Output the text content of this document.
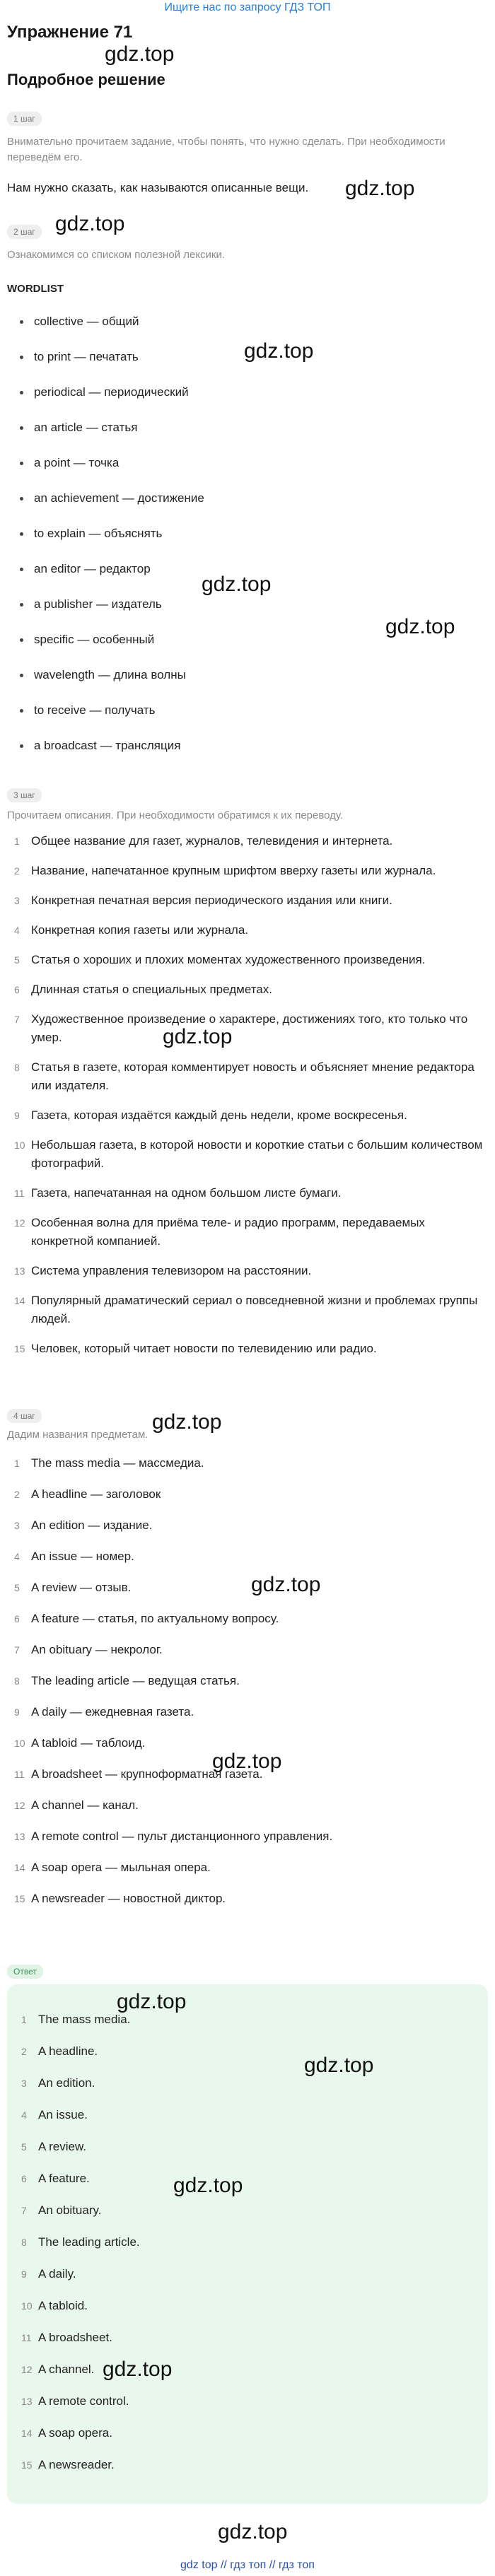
Ищите нас по запросу ГДЗ ТОП
Упражнение 71
Подробное решение
1 шаг

Внимательно прочитаем задание, чтобы понять, что нужно сделать. При необходимости переведём его.

Нам нужно сказать, как называются описанные вещи.

2 шаг

Ознакомимся со списком полезной лексики.

WORDLIST

collective — общий
to print — печатать
periodical — периодический
an article — статья
a point — точка
an achievement — достижение
to explain — объяснять
an editor — редактор
a publisher — издатель
specific — особенный
wavelength — длина волны
to receive — получать
a broadcast — трансляция
3 шаг

Прочитаем описания. При необходимости обратимся к их переводу.

1 Общее название для газет, журналов, телевидения и интернета.
2 Название, напечатанное крупным шрифтом вверху газеты или журнала.
3 Конкретная печатная версия периодического издания или книги.
4 Конкретная копия газеты или журнала.
5 Статья о хороших и плохих моментах художественного произведения.
6 Длинная статья о специальных предметах.
7 Художественное произведение о характере, достижениях того, кто только что умер.
8 Статья в газете, которая комментирует новость и объясняет мнение редактора или издателя.
9 Газета, которая издаётся каждый день недели, кроме воскресенья.
10 Небольшая газета, в которой новости и короткие статьи с большим количеством фотографий.
11 Газета, напечатанная на одном большом листе бумаги.
12 Особенная волна для приёма теле- и радио программ, передаваемых конкретной компанией.
13 Система управления телевизором на расстоянии.
14 Популярный драматический сериал о повседневной жизни и проблемах группы людей.
15 Человек, который читает новости по телевидению или радио.
4 шаг

Дадим названия предметам.

1 The mass media — массмедиа.
2 A headline — заголовок
3 An edition — издание.
4 An issue — номер.
5 A review — отзыв.
6 A feature — статья, по актуальному вопросу.
7 An obituary — некролог.
8 The leading article — ведущая статья.
9 A daily — ежедневная газета.
10 A tabloid — таблоид.
11 A broadsheet — крупноформатная газета.
12 A channel — канал.
13 A remote control — пульт дистанционного управления.
14 A soap opera — мыльная опера.
15 A newsreader — новостной диктор.
Ответ
1 The mass media.
2 A headline.
3 An edition.
4 An issue.
5 A review.
6 A feature.
7 An obituary.
8 The leading article.
9 A daily.
10 A tabloid.
11 A broadsheet.
12 A channel.
13 A remote control.
14 A soap opera.
15 A newsreader.
gdz.top
gdz.top
gdz.top
gdz.top
gdz.top
gdz.top
gdz.top
gdz.top
gdz.top
gdz.top
gdz.top
gdz.top
gdz.top
gdz.top
gdz.top
gdz top // гдз топ // гдз топ
